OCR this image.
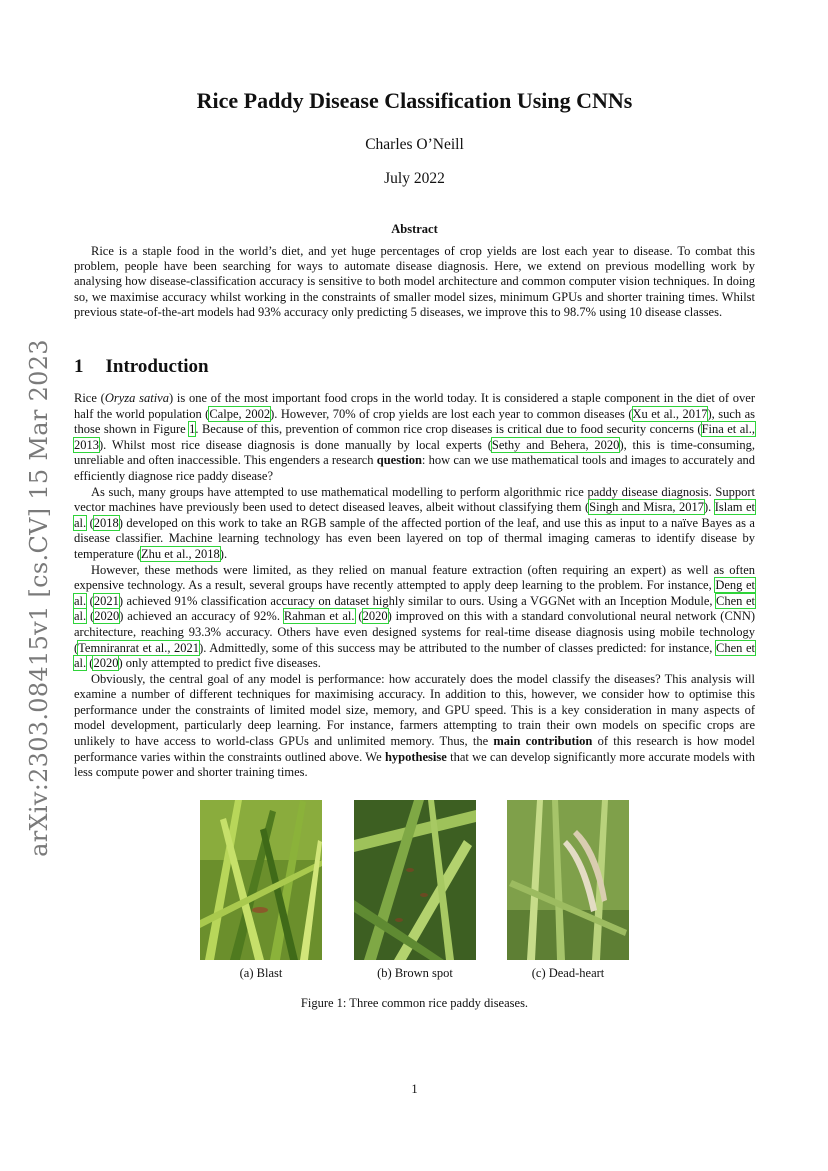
arXiv:2303.08415v1 [cs.CV] 15 Mar 2023
Rice Paddy Disease Classification Using CNNs
Charles O’Neill
July 2022
Abstract

Rice is a staple food in the world’s diet, and yet huge percentages of crop yields are lost each year to disease. To combat this problem, people have been searching for ways to automate disease diagnosis. Here, we extend on previous modelling work by analysing how disease-classification accuracy is sensitive to both model architecture and common computer vision techniques. In doing so, we maximise accuracy whilst working in the constraints of smaller model sizes, minimum GPUs and shorter training times. Whilst previous state-of-the-art models had 93% accuracy only predicting 5 diseases, we improve this to 98.7% using 10 disease classes.

1 Introduction

Rice (Oryza sativa) is one of the most important food crops in the world today. It is considered a staple component in the diet of over half the world population (Calpe, 2002). However, 70% of crop yields are lost each year to common diseases (Xu et al., 2017), such as those shown in Figure 1. Because of this, prevention of common rice crop diseases is critical due to food security concerns (Fina et al., 2013). Whilst most rice disease diagnosis is done manually by local experts (Sethy and Behera, 2020), this is time-consuming, unreliable and often inaccessible. This engenders a research question: how can we use mathematical tools and images to accurately and efficiently diagnose rice paddy disease?

As such, many groups have attempted to use mathematical modelling to perform algorithmic rice paddy disease diagnosis. Support vector machines have previously been used to detect diseased leaves, albeit without classifying them (Singh and Misra, 2017). Islam et al. (2018) developed on this work to take an RGB sample of the affected portion of the leaf, and use this as input to a naïve Bayes as a disease classifier. Machine learning technology has even been layered on top of thermal imaging cameras to identify disease by temperature (Zhu et al., 2018).

However, these methods were limited, as they relied on manual feature extraction (often requiring an expert) as well as often expensive technology. As a result, several groups have recently attempted to apply deep learning to the problem. For instance, Deng et al. (2021) achieved 91% classification accuracy on dataset highly similar to ours. Using a VGGNet with an Inception Module, Chen et al. (2020) achieved an accuracy of 92%. Rahman et al. (2020) improved on this with a standard convolutional neural network (CNN) architecture, reaching 93.3% accuracy. Others have even designed systems for real-time disease diagnosis using mobile technology (Temniranrat et al., 2021). Admittedly, some of this success may be attributed to the number of classes predicted: for instance, Chen et al. (2020) only attempted to predict five diseases.

Obviously, the central goal of any model is performance: how accurately does the model classify the diseases? This analysis will examine a number of different techniques for maximising accuracy. In addition to this, however, we consider how to optimise this performance under the constraints of limited model size, memory, and GPU speed. This is a key consideration in many aspects of model development, particularly deep learning. For instance, farmers attempting to train their own models on specific crops are unlikely to have access to world-class GPUs and unlimited memory. Thus, the main contribution of this research is how model performance varies within the constraints outlined above. We hypothesise that we can develop significantly more accurate models with less compute power and shorter training times.

(a) Blast	(b) Brown spot	(c) Dead-heart
Figure 1: Three common rice paddy diseases.
1
